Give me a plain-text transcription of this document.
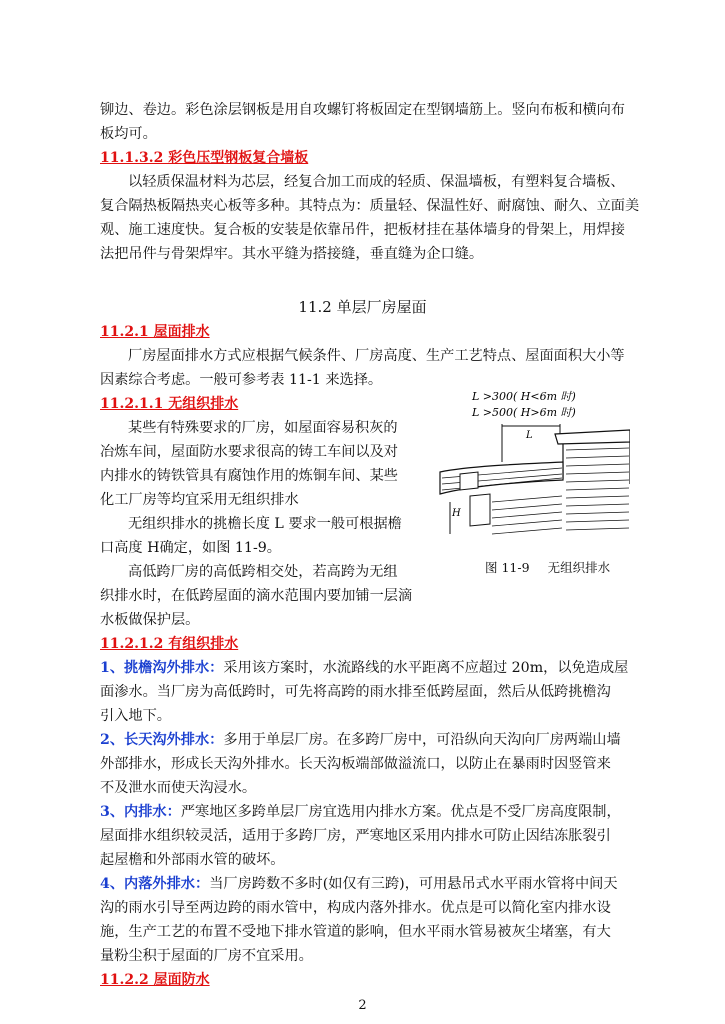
铆边、卷边。彩色涂层钢板是用自攻螺钉将板固定在型钢墙筋上。竖向布板和横向布
板均可。
11.1.3.2 彩色压型钢板复合墙板
以轻质保温材料为芯层，经复合加工而成的轻质、保温墙板，有塑料复合墙板、
复合隔热板隔热夹心板等多种。其特点为：质量轻、保温性好、耐腐蚀、耐久、立面美
观、施工速度快。复合板的安装是依靠吊件，把板材挂在基体墙身的骨架上，用焊接
法把吊件与骨架焊牢。其水平缝为搭接缝，垂直缝为企口缝。
11.2 单层厂房屋面
11.2.1 屋面排水
厂房屋面排水方式应根据气候条件、厂房高度、生产工艺特点、屋面面积大小等
因素综合考虑。一般可参考表 11-1 来选择。
11.2.1.1 无组织排水
某些有特殊要求的厂房，如屋面容易积灰的
冶炼车间，屋面防水要求很高的铸工车间以及对
内排水的铸铁管具有腐蚀作用的炼铜车间、某些
化工厂房等均宜采用无组织排水
无组织排水的挑檐长度 L 要求一般可根据檐
口高度 H确定，如图 11-9。
高低跨厂房的高低跨相交处，若高跨为无组
织排水时，在低跨屋面的滴水范围内要加铺一层滴
水板做保护层。
L >300( H<6m 时)
L >500( H>6m 时)
L
H
图 11-9 无组织排水
11.2.1.2 有组织排水
1、挑檐沟外排水：采用该方案时，水流路线的水平距离不应超过 20m，以免造成屋
面渗水。当厂房为高低跨时，可先将高跨的雨水排至低跨屋面，然后从低跨挑檐沟
引入地下。
2、长天沟外排水：多用于单层厂房。在多跨厂房中，可沿纵向天沟向厂房两端山墙
外部排水，形成长天沟外排水。长天沟板端部做溢流口，以防止在暴雨时因竖管来
不及泄水而使天沟浸水。
3、内排水：严寒地区多跨单层厂房宜选用内排水方案。优点是不受厂房高度限制，
屋面排水组织较灵活，适用于多跨厂房，严寒地区采用内排水可防止因结冻胀裂引
起屋檐和外部雨水管的破坏。
4、内落外排水：当厂房跨数不多时(如仅有三跨)，可用悬吊式水平雨水管将中间天
沟的雨水引导至两边跨的雨水管中，构成内落外排水。优点是可以简化室内排水设
施，生产工艺的布置不受地下排水管道的影响，但水平雨水管易被灰尘堵塞，有大
量粉尘积于屋面的厂房不宜采用。
11.2.2 屋面防水
2
